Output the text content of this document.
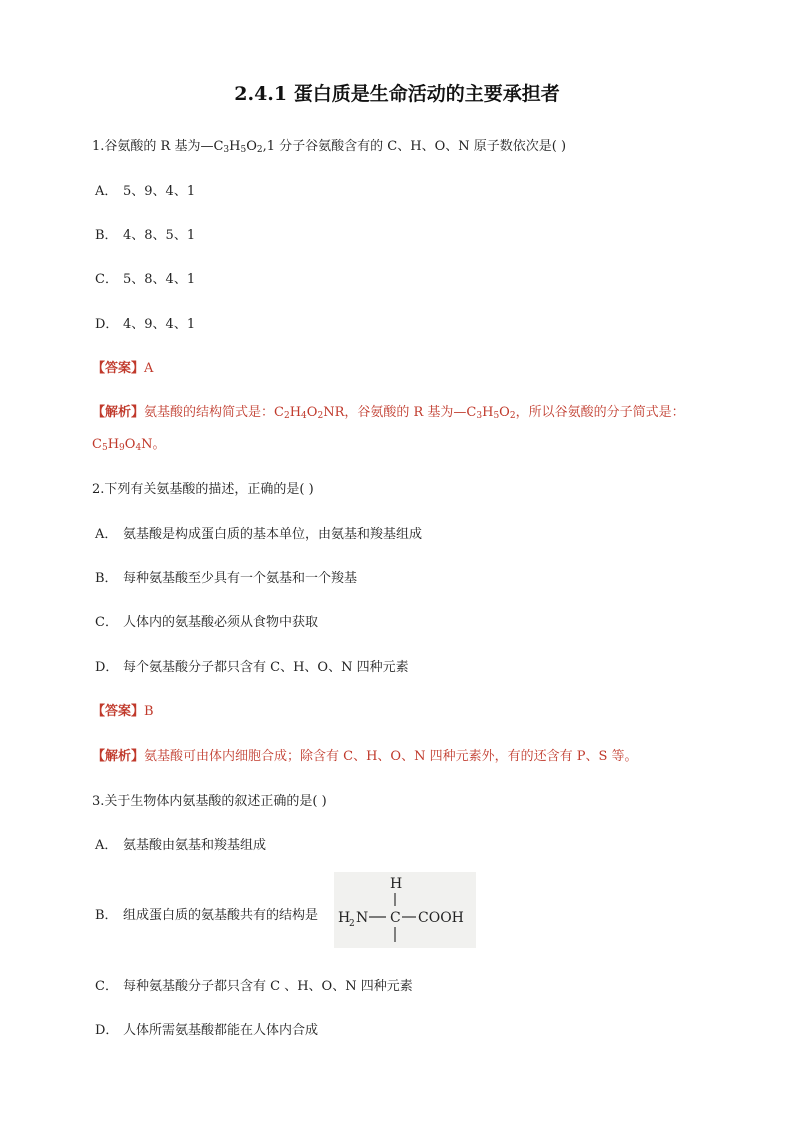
2.4.1 蛋白质是生命活动的主要承担者
1.谷氨酸的 R 基为$—C_3H_5O_2,1$ 分子谷氨酸含有的 C、H、O、N 原子数依次是( )
A． 5、9、4、1
B． 4、8、5、1
C． 5、8、4、1
D． 4、9、4、1
【答案】A
【解析】氨基酸的结构简式是：$C_2H_4O_2NR$，谷氨酸的 R 基为$—C_3H_5O_2$，所以谷氨酸的分子简式是：
$C_5H_9O_4N$。
2.下列有关氨基酸的描述，正确的是( )
A． 氨基酸是构成蛋白质的基本单位，由氨基和羧基组成
B． 每种氨基酸至少具有一个氨基和一个羧基
C． 人体内的氨基酸必须从食物中获取
D． 每个氨基酸分子都只含有 C、H、O、N 四种元素
【答案】B
【解析】氨基酸可由体内细胞合成；除含有 C、H、O、N 四种元素外，有的还含有 P、S 等。
3.关于生物体内氨基酸的叙述正确的是( )
A． 氨基酸由氨基和羧基组成
B． 组成蛋白质的氨基酸共有的结构是
H
H
2 N C COOH
C． 每种氨基酸分子都只含有 C 、H、O、N 四种元素
D． 人体所需氨基酸都能在人体内合成
